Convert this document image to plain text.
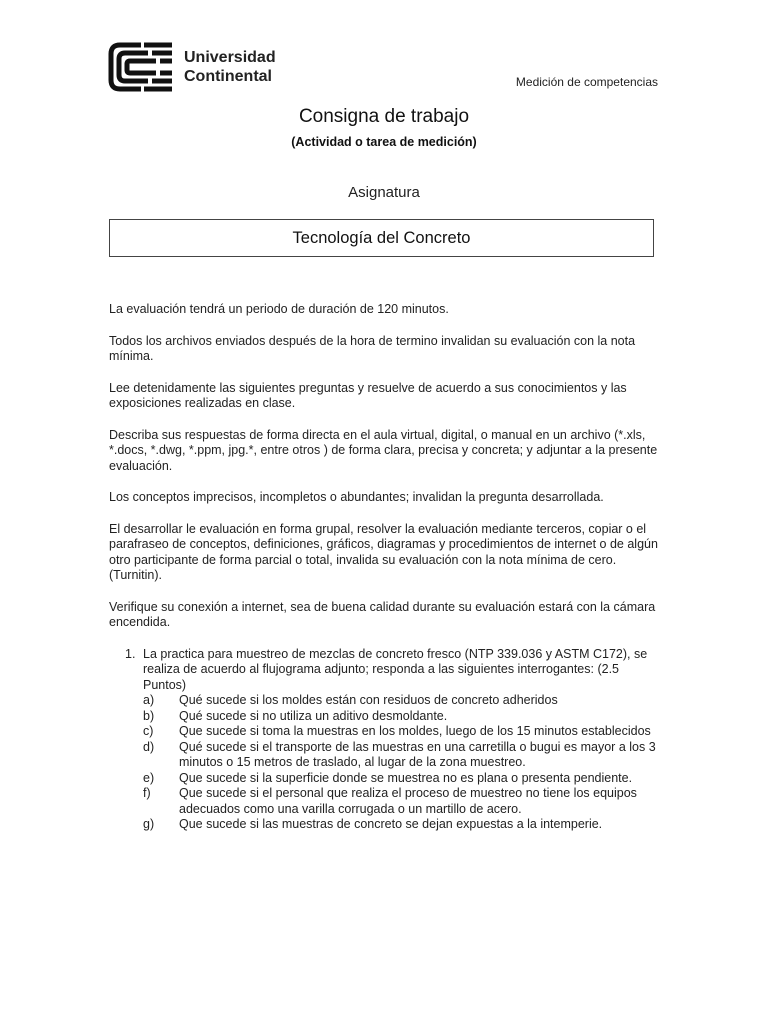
Universidad
Continental	Medición de competencias
Consigna de trabajo
(Actividad o tarea de medición)
Asignatura
Tecnología del Concreto

La evaluación tendrá un periodo de duración de 120 minutos.

Todos los archivos enviados después de la hora de termino invalidan su evaluación con la nota mínima.

Lee detenidamente las siguientes preguntas y resuelve de acuerdo a sus conocimientos y las exposiciones realizadas en clase.

Describa sus respuestas de forma directa en el aula virtual, digital, o manual en un archivo (*.xls, *.docs, *.dwg, *.ppm, jpg.*, entre otros ) de forma clara, precisa y concreta; y adjuntar a la presente evaluación.

Los conceptos imprecisos, incompletos o abundantes; invalidan la pregunta desarrollada.

El desarrollar le evaluación en forma grupal, resolver la evaluación mediante terceros, copiar o el parafraseo de conceptos, definiciones, gráficos, diagramas y procedimientos de internet o de algún otro participante de forma parcial o total, invalida su evaluación con la nota mínima de cero. (Turnitin).

Verifique su conexión a internet, sea de buena calidad durante su evaluación estará con la cámara encendida.

1. La practica para muestreo de mezclas de concreto fresco (NTP 339.036 y ASTM C172), se realiza de acuerdo al flujograma adjunto; responda a las siguientes interrogantes: (2.5 Puntos)
a) Qué sucede si los moldes están con residuos de concreto adheridos
b) Qué sucede si no utiliza un aditivo desmoldante.
c) Que sucede si toma la muestras en los moldes, luego de los 15 minutos establecidos
d) Qué sucede si el transporte de las muestras en una carretilla o bugui es mayor a los 3 minutos o 15 metros de traslado, al lugar de la zona muestreo.
e) Que sucede si la superficie donde se muestrea no es plana o presenta pendiente.
f) Que sucede si el personal que realiza el proceso de muestreo no tiene los equipos adecuados como una varilla corrugada o un martillo de acero.
g) Que sucede si las muestras de concreto se dejan expuestas a la intemperie.
